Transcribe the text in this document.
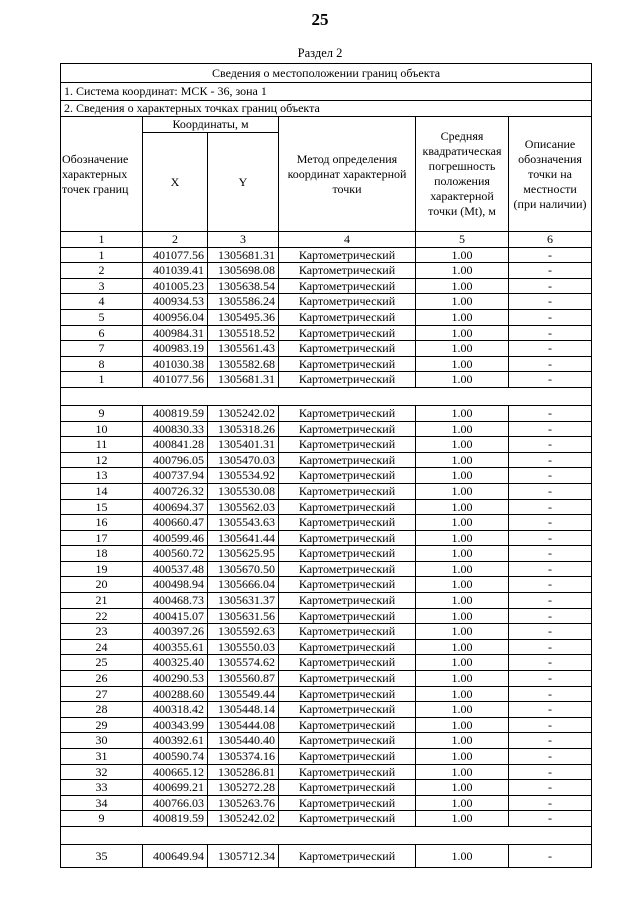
25
Раздел 2
Сведения о местоположении границ объекта					
1. Система координат: МСК - 36, зона 1					
2. Сведения о характерных точках границ объекта					
Обозначение характерных точек границ	Координаты, м		Метод определения координат характерной точки	Средняя квадратическая погрешность положения характерной точки (Mt), м	Описание обозначения точки на местности (при наличии)
	X	Y			
1	2	3	4	5	6
1	401077.56	1305681.31	Картометрический	1.00	-
2	401039.41	1305698.08	Картометрический	1.00	-
3	401005.23	1305638.54	Картометрический	1.00	-
4	400934.53	1305586.24	Картометрический	1.00	-
5	400956.04	1305495.36	Картометрический	1.00	-
6	400984.31	1305518.52	Картометрический	1.00	-
7	400983.19	1305561.43	Картометрический	1.00	-
8	401030.38	1305582.68	Картометрический	1.00	-
1	401077.56	1305681.31	Картометрический	1.00	-

9	400819.59	1305242.02	Картометрический	1.00	-
10	400830.33	1305318.26	Картометрический	1.00	-
11	400841.28	1305401.31	Картометрический	1.00	-
12	400796.05	1305470.03	Картометрический	1.00	-
13	400737.94	1305534.92	Картометрический	1.00	-
14	400726.32	1305530.08	Картометрический	1.00	-
15	400694.37	1305562.03	Картометрический	1.00	-
16	400660.47	1305543.63	Картометрический	1.00	-
17	400599.46	1305641.44	Картометрический	1.00	-
18	400560.72	1305625.95	Картометрический	1.00	-
19	400537.48	1305670.50	Картометрический	1.00	-
20	400498.94	1305666.04	Картометрический	1.00	-
21	400468.73	1305631.37	Картометрический	1.00	-
22	400415.07	1305631.56	Картометрический	1.00	-
23	400397.26	1305592.63	Картометрический	1.00	-
24	400355.61	1305550.03	Картометрический	1.00	-
25	400325.40	1305574.62	Картометрический	1.00	-
26	400290.53	1305560.87	Картометрический	1.00	-
27	400288.60	1305549.44	Картометрический	1.00	-
28	400318.42	1305448.14	Картометрический	1.00	-
29	400343.99	1305444.08	Картометрический	1.00	-
30	400392.61	1305440.40	Картометрический	1.00	-
31	400590.74	1305374.16	Картометрический	1.00	-
32	400665.12	1305286.81	Картометрический	1.00	-
33	400699.21	1305272.28	Картометрический	1.00	-
34	400766.03	1305263.76	Картометрический	1.00	-
9	400819.59	1305242.02	Картометрический	1.00	-

35	400649.94	1305712.34	Картометрический	1.00	-
